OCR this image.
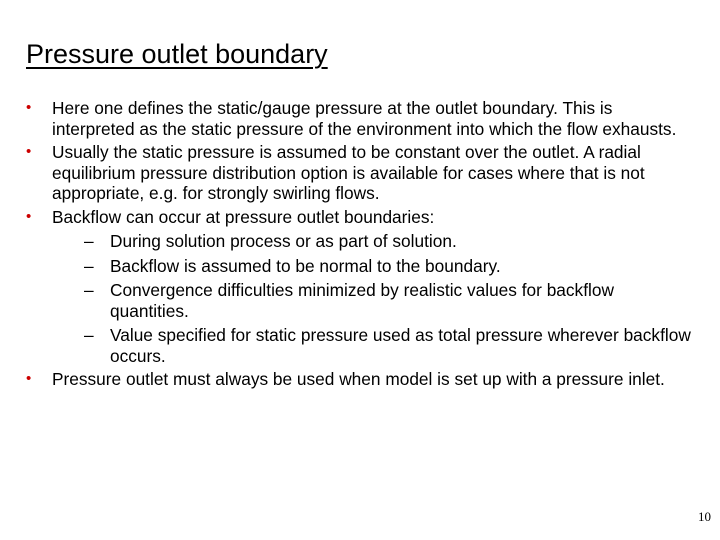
Pressure outlet boundary
•	Here one defines the static/gauge pressure at the outlet boundary. This is interpreted as the static pressure of the environment into which the flow exhausts.
•	Usually the static pressure is assumed to be constant over the outlet. A radial equilibrium pressure distribution option is available for cases where that is not appropriate, e.g. for strongly swirling flows.
•	Backflow can occur at pressure outlet boundaries:
– During solution process or as part of solution.
– Backflow is assumed to be normal to the boundary.
– Convergence difficulties minimized by realistic values for backflow quantities.
– Value specified for static pressure used as total pressure wherever backflow occurs.
•	Pressure outlet must always be used when model is set up with a pressure inlet.
10
